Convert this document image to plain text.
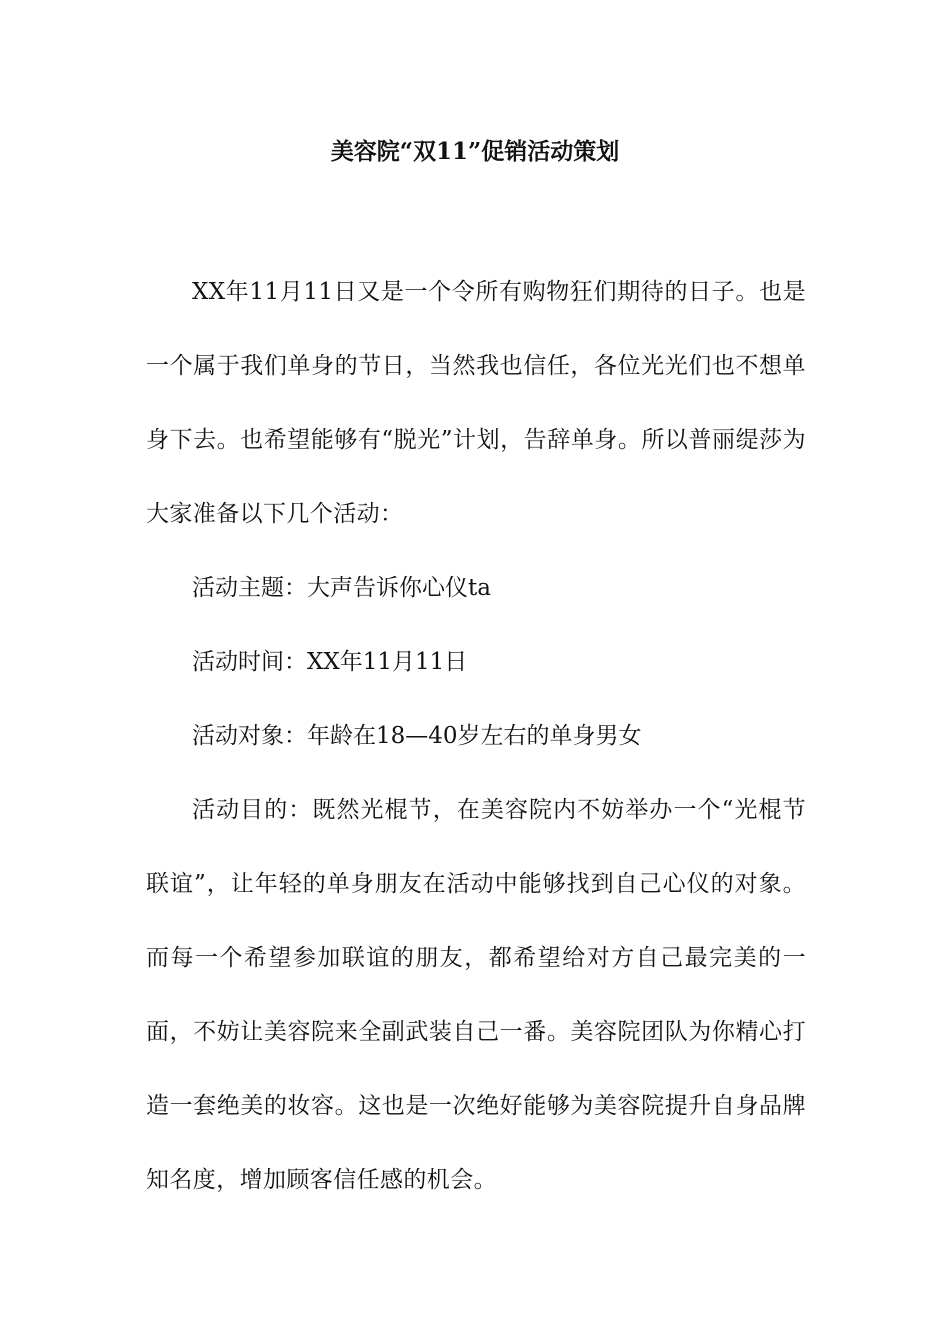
美容院“双11”促销活动策划

XX年11月11日又是一个令所有购物狂们期待的日子。也是一个属于我们单身的节日，当然我也信任，各位光光们也不想单身下去。也希望能够有“脱光”计划，告辞单身。所以普丽缇莎为大家准备以下几个活动：

活动主题：大声告诉你心仪ta

活动时间：XX年11月11日

活动对象：年龄在18—40岁左右的单身男女

活动目的：既然光棍节，在美容院内不妨举办一个“光棍节联谊”，让年轻的单身朋友在活动中能够找到自己心仪的对象。而每一个希望参加联谊的朋友，都希望给对方自己最完美的一面，不妨让美容院来全副武装自己一番。美容院团队为你精心打造一套绝美的妆容。这也是一次绝好能够为美容院提升自身品牌知名度，增加顾客信任感的机会。
